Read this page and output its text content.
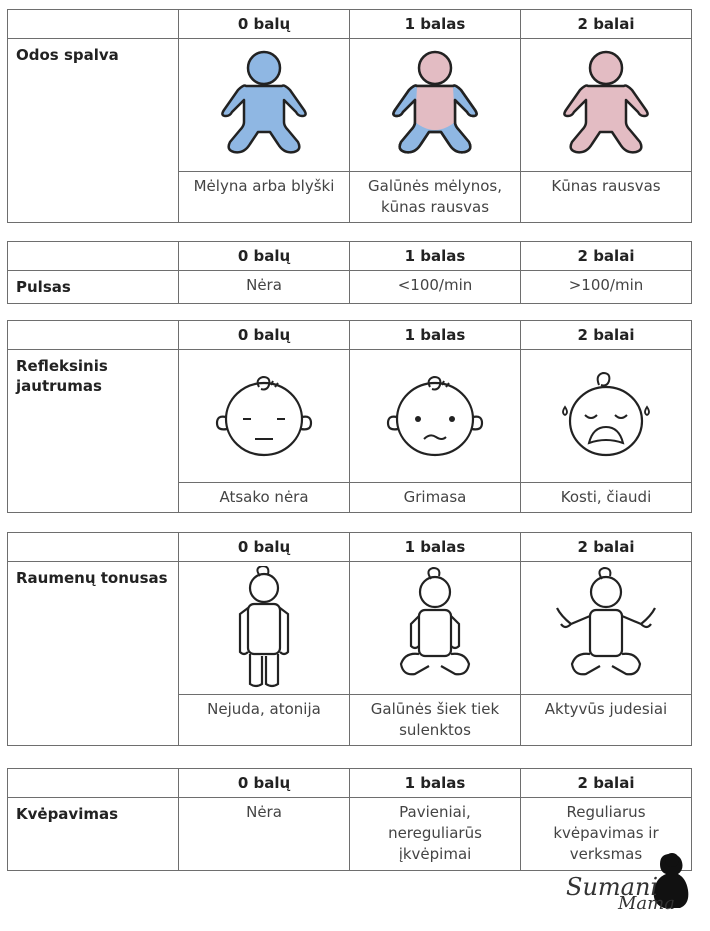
	0 balų	1 balas	2 balai
Odos spalva	

	Mėlyna arba blyški	Galūnės mėlynos, kūnas rausvas	Kūnas rausvas
	0 balų	1 balas	2 balai
Pulsas	Nėra	<100/min	>100/min
	0 balų	1 balas	2 balai
Refleksinis jautrumas	

	Atsako nėra	Grimasa	Kosti, čiaudi
	0 balų	1 balas	2 balai
Raumenų tonusas	

	Nejuda, atonija	Galūnės šiek tiek sulenktos	Aktyvūs judesiai
	0 balų	1 balas	2 balai
Kvėpavimas	Nėra	Pavieniai, nereguliarūs įkvėpimai	Reguliarus kvėpavimas ir verksmas
Sumani
Mama
